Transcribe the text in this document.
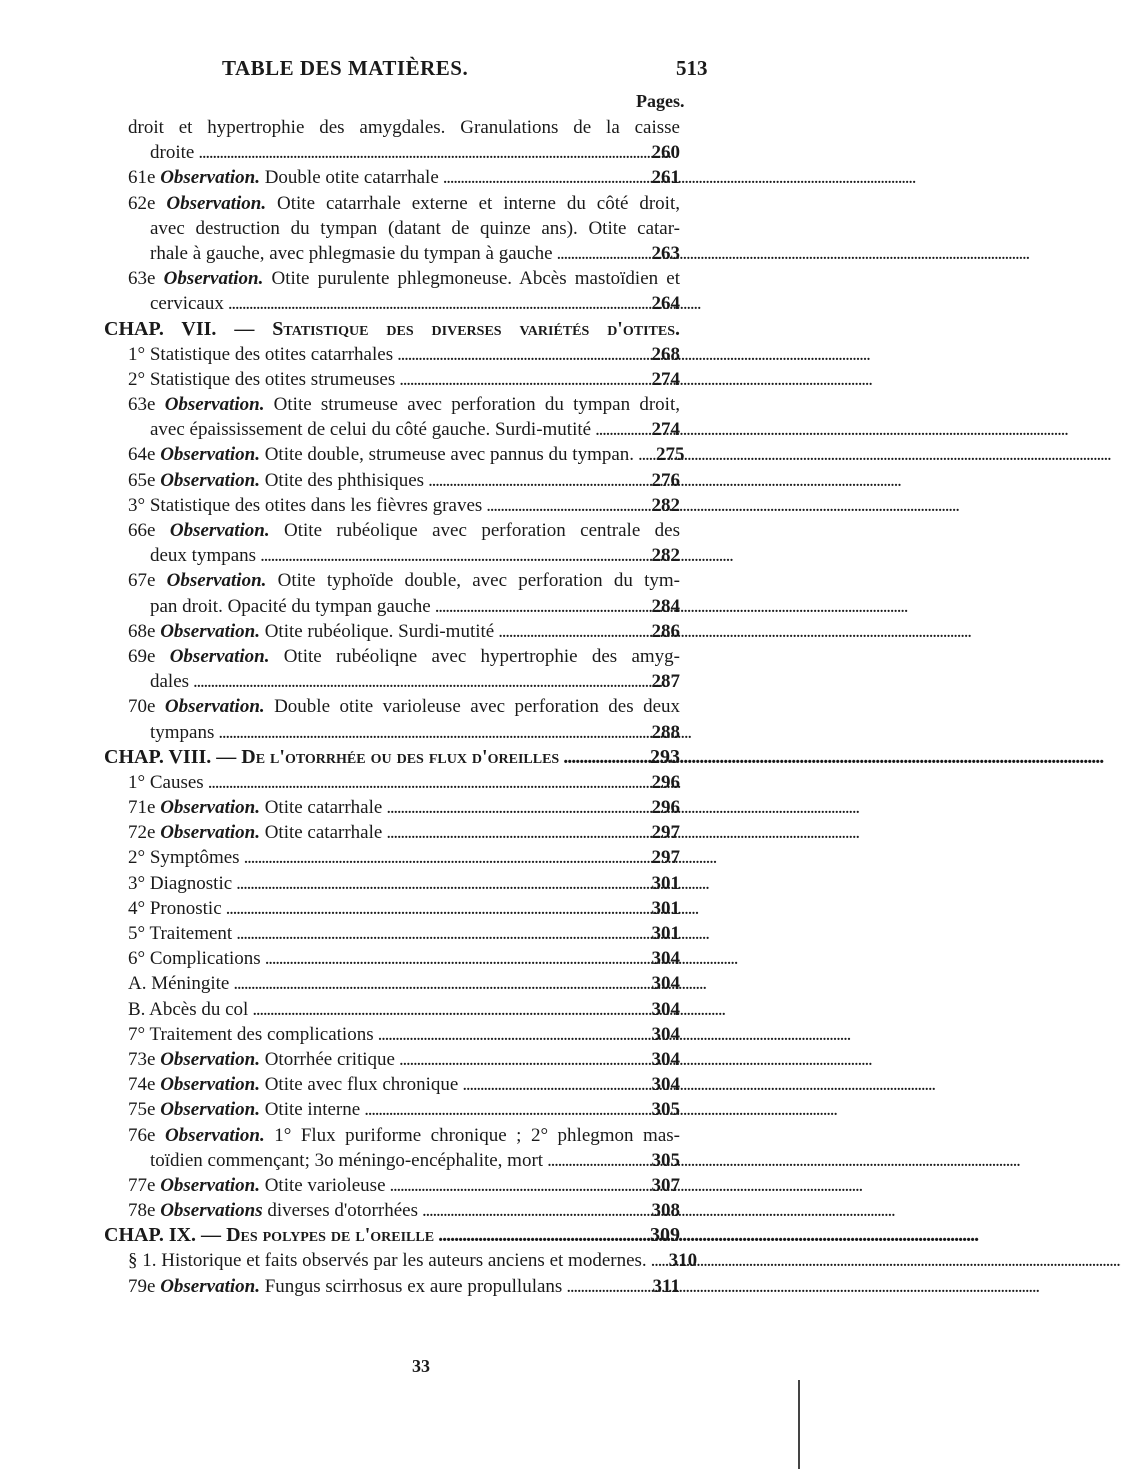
TABLE DES MATIÈRES.	513
Pages.
droit et hypertrophie des amygdales. Granulations de la caisse
droite . . .	260
61e Observation. Double otite catarrhale . . .	261
62e Observation. Otite catarrhale externe et interne du côté droit,
avec destruction du tympan (datant de quinze ans). Otite catar-
rhale à gauche, avec phlegmasie du tympan à gauche . . .	263
63e Observation. Otite purulente phlegmoneuse. Abcès mastoïdien et
cervicaux . . .	264
CHAP. VII. — Statistique des diverses variétés d'otites.
1° Statistique des otites catarrhales . . .	268
2° Statistique des otites strumeuses . . .	274
63e Observation. Otite strumeuse avec perforation du tympan droit,
avec épaississement de celui du côté gauche. Surdi-mutité . . .	274
64e Observation. Otite double, strumeuse avec pannus du tympan. . . . 275
65e Observation. Otite des phthisiques . . .	276
3° Statistique des otites dans les fièvres graves . . .	282
66e Observation. Otite rubéolique avec perforation centrale des
deux tympans . . .	282
67e Observation. Otite typhoïde double, avec perforation du tym-
pan droit. Opacité du tympan gauche . . .	284
68e Observation. Otite rubéolique. Surdi-mutité . . .	286
69e Observation. Otite rubéoliqne avec hypertrophie des amyg-
dales . . .	287
70e Observation. Double otite varioleuse avec perforation des deux
tympans . . .	288
CHAP. VIII. — De l'otorrhée ou des flux d'oreilles . . .	293
1° Causes . . .	296
71e Observation. Otite catarrhale . . .	296
72e Observation. Otite catarrhale . . .	297
2° Symptômes . . .	297
3° Diagnostic . . .	301
4° Pronostic . . .	301
5° Traitement . . .	301
6° Complications . . .	304
A. Méningite . . .	304
B. Abcès du col . . .	304
7° Traitement des complications . . .	304
73e Observation. Otorrhée critique . . .	304
74e Observation. Otite avec flux chronique . . .	304
75e Observation. Otite interne . . .	305
76e Observation. 1° Flux puriforme chronique ; 2° phlegmon mas-
toïdien commençant; 3o méningo-encéphalite, mort . . .	305
77e Observation. Otite varioleuse . . .	307
78e Observations diverses d'otorrhées . . .	308
CHAP. IX. — Des polypes de l'oreille . . .	309
§ 1. Historique et faits observés par les auteurs anciens et modernes. . . . 310
79e Observation. Fungus scirrhosus ex aure propullulans . . .	311
33
